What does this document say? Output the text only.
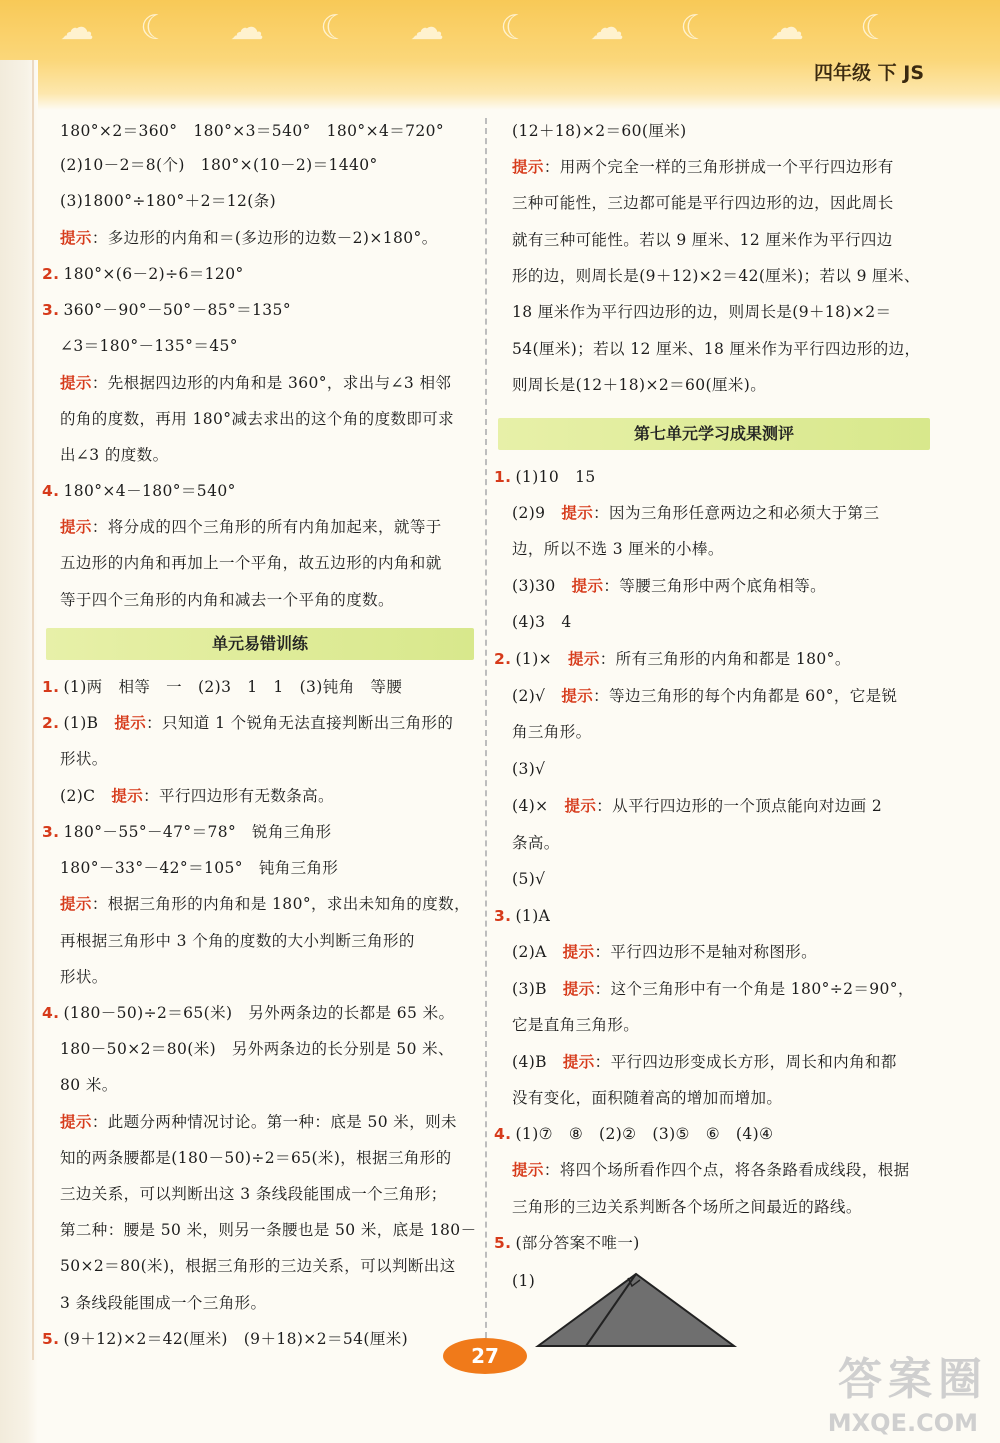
☁ ☾ ☁ ☾ ☁ ☾ ☁ ☾ ☁ ☾
四年级 下 JS
单元易错训练
第七单元学习成果测评
180°×2＝360°　180°×3＝540°　180°×4＝720°
(2)10－2＝8(个)　180°×(10－2)＝1440°
(3)1800°÷180°＋2＝12(条)
提示：多边形的内角和＝(多边形的边数－2)×180°。
2. 180°×(6－2)÷6＝120°
3. 360°－90°－50°－85°＝135°
∠3＝180°－135°＝45°
提示：先根据四边形的内角和是 360°，求出与∠3 相邻
的角的度数，再用 180°减去求出的这个角的度数即可求
出∠3 的度数。
4. 180°×4－180°＝540°
提示：将分成的四个三角形的所有内角加起来，就等于
五边形的内角和再加上一个平角，故五边形的内角和就
等于四个三角形的内角和减去一个平角的度数。
1. (1)两　相等　一　(2)3　1　1　(3)钝角　等腰
2. (1)B　提示：只知道 1 个锐角无法直接判断出三角形的
形状。
(2)C　提示：平行四边形有无数条高。
3. 180°－55°－47°＝78°　锐角三角形
180°－33°－42°＝105°　钝角三角形
提示：根据三角形的内角和是 180°，求出未知角的度数，
再根据三角形中 3 个角的度数的大小判断三角形的
形状。
4. (180－50)÷2＝65(米)　另外两条边的长都是 65 米。
180－50×2＝80(米)　另外两条边的长分别是 50 米、
80 米。
提示：此题分两种情况讨论。第一种：底是 50 米，则未
知的两条腰都是(180－50)÷2＝65(米)，根据三角形的
三边关系，可以判断出这 3 条线段能围成一个三角形；
第二种：腰是 50 米，则另一条腰也是 50 米，底是 180－
50×2＝80(米)，根据三角形的三边关系，可以判断出这
3 条线段能围成一个三角形。
5. (9＋12)×2＝42(厘米)　(9＋18)×2＝54(厘米)
(12＋18)×2＝60(厘米)
提示：用两个完全一样的三角形拼成一个平行四边形有
三种可能性，三边都可能是平行四边形的边，因此周长
就有三种可能性。若以 9 厘米、12 厘米作为平行四边
形的边，则周长是(9＋12)×2＝42(厘米)；若以 9 厘米、
18 厘米作为平行四边形的边，则周长是(9＋18)×2＝
54(厘米)；若以 12 厘米、18 厘米作为平行四边形的边，
则周长是(12＋18)×2＝60(厘米)。
1. (1)10　15
(2)9　提示：因为三角形任意两边之和必须大于第三
边，所以不选 3 厘米的小棒。
(3)30　提示：等腰三角形中两个底角相等。
(4)3　4
2. (1)×　提示：所有三角形的内角和都是 180°。
(2)√　提示：等边三角形的每个内角都是 60°，它是锐
角三角形。
(3)√
(4)×　提示：从平行四边形的一个顶点能向对边画 2
条高。
(5)√
3. (1)A
(2)A　提示：平行四边形不是轴对称图形。
(3)B　提示：这个三角形中有一个角是 180°÷2＝90°，
它是直角三角形。
(4)B　提示：平行四边形变成长方形，周长和内角和都
没有变化，面积随着高的增加而增加。
4. (1)⑦　⑧　(2)②　(3)⑤　⑥　(4)④
提示：将四个场所看作四个点，将各条路看成线段，根据
三角形的三边关系判断各个场所之间最近的路线。
5. (部分答案不唯一)
(1)
27	答案圈
MXQE.COM
